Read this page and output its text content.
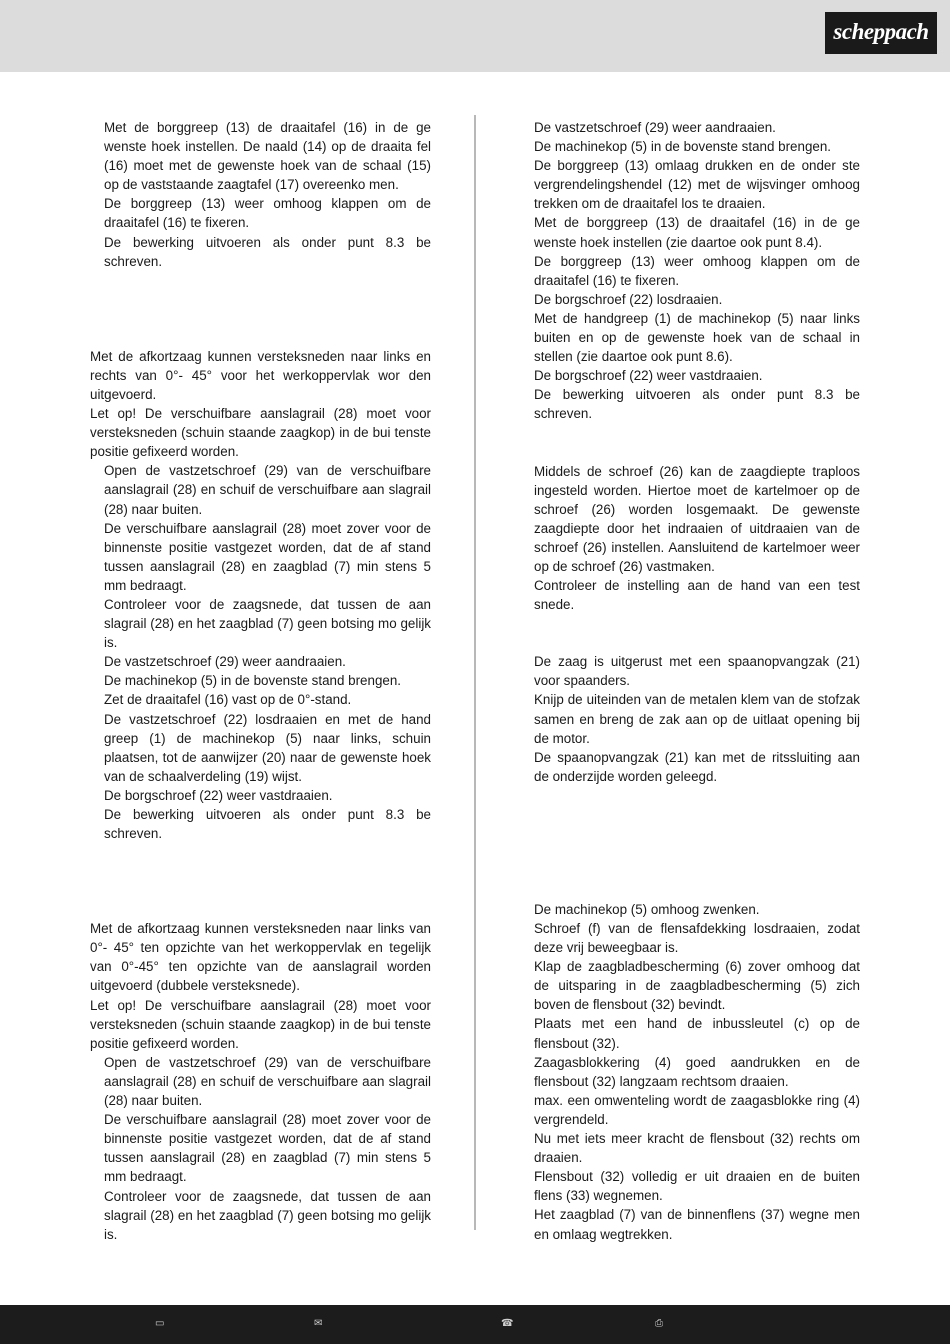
scheppach

Met de borggreep (13) de draaitafel (16) in de ge wenste hoek instellen. De naald (14) op de draaita fel (16) moet met de gewenste hoek van de schaal (15) op de vaststaande zaagtafel (17) overeenko men.

De borggreep (13) weer omhoog klappen om de draaitafel (16) te fixeren.

De bewerking uitvoeren als onder punt 8.3 be schreven.

Met de afkortzaag kunnen versteksneden naar links en rechts van 0°- 45° voor het werkoppervlak wor den uitgevoerd.

Let op! De verschuifbare aanslagrail (28) moet voor versteksneden (schuin staande zaagkop) in de bui tenste positie gefixeerd worden.

Open de vastzetschroef (29) van de verschuifbare aanslagrail (28) en schuif de verschuifbare aan slagrail (28) naar buiten.

De verschuifbare aanslagrail (28) moet zover voor de binnenste positie vastgezet worden, dat de af stand tussen aanslagrail (28) en zaagblad (7) min stens 5 mm bedraagt.

Controleer voor de zaagsnede, dat tussen de aan slagrail (28) en het zaagblad (7) geen botsing mo gelijk is.

De vastzetschroef (29) weer aandraaien.

De machinekop (5) in de bovenste stand brengen.

Zet de draaitafel (16) vast op de 0°-stand.

De vastzetschroef (22) losdraaien en met de hand greep (1) de machinekop (5) naar links, schuin plaatsen, tot de aanwijzer (20) naar de gewenste hoek van de schaalverdeling (19) wijst.

De borgschroef (22) weer vastdraaien.

De bewerking uitvoeren als onder punt 8.3 be schreven.

Met de afkortzaag kunnen versteksneden naar links van 0°- 45° ten opzichte van het werkoppervlak en tegelijk van 0°-45° ten opzichte van de aanslagrail worden uitgevoerd (dubbele versteksnede).

Let op! De verschuifbare aanslagrail (28) moet voor versteksneden (schuin staande zaagkop) in de bui tenste positie gefixeerd worden.

Open de vastzetschroef (29) van de verschuifbare aanslagrail (28) en schuif de verschuifbare aan slagrail (28) naar buiten.

De verschuifbare aanslagrail (28) moet zover voor de binnenste positie vastgezet worden, dat de af stand tussen aanslagrail (28) en zaagblad (7) min stens 5 mm bedraagt.

Controleer voor de zaagsnede, dat tussen de aan slagrail (28) en het zaagblad (7) geen botsing mo gelijk is.

De vastzetschroef (29) weer aandraaien.

De machinekop (5) in de bovenste stand brengen.

De borggreep (13) omlaag drukken en de onder ste vergrendelingshendel (12) met de wijsvinger omhoog trekken om de draaitafel los te draaien.

Met de borggreep (13) de draaitafel (16) in de ge wenste hoek instellen (zie daartoe ook punt 8.4).

De borggreep (13) weer omhoog klappen om de draaitafel (16) te fixeren.

De borgschroef (22) losdraaien.

Met de handgreep (1) de machinekop (5) naar links buiten en op de gewenste hoek van de schaal in stellen (zie daartoe ook punt 8.6).

De borgschroef (22) weer vastdraaien.

De bewerking uitvoeren als onder punt 8.3 be schreven.

Middels de schroef (26) kan de zaagdiepte traploos ingesteld worden. Hiertoe moet de kartelmoer op de schroef (26) worden losgemaakt. De gewenste zaagdiepte door het indraaien of uitdraaien van de schroef (26) instellen. Aansluitend de kartelmoer weer op de schroef (26) vastmaken.

Controleer de instelling aan de hand van een test snede.

De zaag is uitgerust met een spaanopvangzak (21) voor spaanders.

Knijp de uiteinden van de metalen klem van de stofzak samen en breng de zak aan op de uitlaat opening bij de motor.

De spaanopvangzak (21) kan met de ritssluiting aan de onderzijde worden geleegd.

De machinekop (5) omhoog zwenken.

Schroef (f) van de flensafdekking losdraaien, zodat deze vrij beweegbaar is.

Klap de zaagbladbescherming (6) zover omhoog dat de uitsparing in de zaagbladbescherming (5) zich boven de flensbout (32) bevindt.

Plaats met een hand de inbussleutel (c) op de flensbout (32).

Zaagasblokkering (4) goed aandrukken en de flensbout (32) langzaam rechtsom draaien.

max. een omwenteling wordt de zaagasblokke ring (4) vergrendeld.

Nu met iets meer kracht de flensbout (32) rechts om draaien.

Flensbout (32) volledig er uit draaien en de buiten flens (33) wegnemen.

Het zaagblad (7) van de binnenflens (37) wegne men en omlaag wegtrekken.

▭	✉	☎	⎙
